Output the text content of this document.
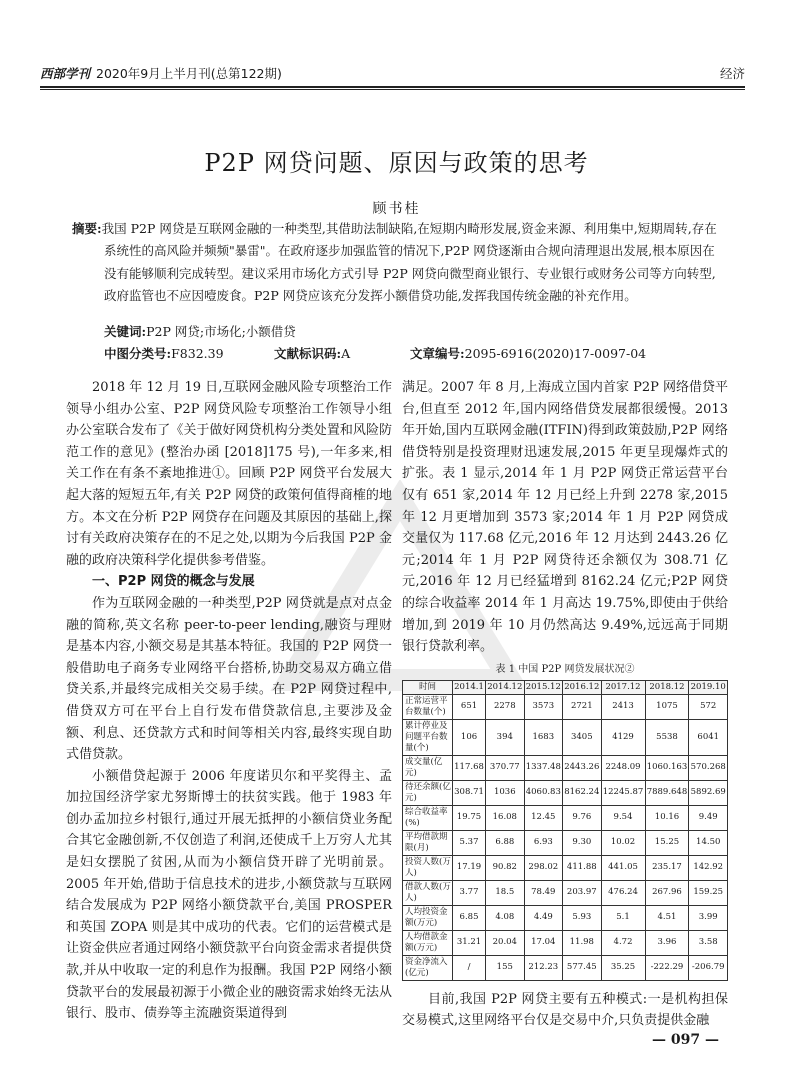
西部学刊 2020年9月上半月刊(总第122期)	经济
P2P 网贷问题、原因与政策的思考
顾书桂
摘要:我国 P2P 网贷是互联网金融的一种类型,其借助法制缺陷,在短期内畸形发展,资金来源、利用集中,短期周转,存在系统性的高风险并频频"暴雷"。在政府逐步加强监管的情况下,P2P 网贷逐渐由合规向清理退出发展,根本原因在没有能够顺利完成转型。建议采用市场化方式引导 P2P 网贷向微型商业银行、专业银行或财务公司等方向转型,政府监管也不应因噎废食。P2P 网贷应该充分发挥小额借贷功能,发挥我国传统金融的补充作用。
关键词:P2P 网贷;市场化;小额借贷
中图分类号:F832.39	文献标识码:A	文章编号:2095-6916(2020)17-0097-04

2018 年 12 月 19 日,互联网金融风险专项整治工作领导小组办公室、P2P 网贷风险专项整治工作领导小组办公室联合发布了《关于做好网贷机构分类处置和风险防范工作的意见》(整治办函 [2018]175 号),一年多来,相关工作在有条不紊地推进①。回顾 P2P 网贷平台发展大起大落的短短五年,有关 P2P 网贷的政策何值得商榷的地方。本文在分析 P2P 网贷存在问题及其原因的基础上,探讨有关政府决策存在的不足之处,以期为今后我国 P2P 金融的政府决策科学化提供参考借鉴。

一、P2P 网贷的概念与发展

作为互联网金融的一种类型,P2P 网贷就是点对点金融的简称,英文名称 peer-to-peer lending,融资与理财是基本内容,小额交易是其基本特征。我国的 P2P 网贷一般借助电子商务专业网络平台搭桥,协助交易双方确立借贷关系,并最终完成相关交易手续。在 P2P 网贷过程中,借贷双方可在平台上自行发布借贷款信息,主要涉及金额、利息、还贷款方式和时间等相关内容,最终实现自助式借贷款。

小额借贷起源于 2006 年度诺贝尔和平奖得主、孟加拉国经济学家尤努斯博士的扶贫实践。他于 1983 年创办孟加拉乡村银行,通过开展无抵押的小额信贷业务配合其它金融创新,不仅创造了利润,还使成千上万穷人尤其是妇女摆脱了贫困,从而为小额信贷开辟了光明前景。2005 年开始,借助于信息技术的进步,小额贷款与互联网结合发展成为 P2P 网络小额贷款平台,美国 PROSPER 和英国 ZOPA 则是其中成功的代表。它们的运营模式是让资金供应者通过网络小额贷款平台向资金需求者提供贷款,并从中收取一定的利息作为报酬。我国 P2P 网络小额贷款平台的发展最初源于小微企业的融资需求始终无法从银行、股市、债券等主流融资渠道得到

满足。2007 年 8 月,上海成立国内首家 P2P 网络借贷平台,但直至 2012 年,国内网络借贷发展都很缓慢。2013 年开始,国内互联网金融(ITFIN)得到政策鼓励,P2P 网络借贷特别是投资理财迅速发展,2015 年更呈现爆炸式的扩张。表 1 显示,2014 年 1 月 P2P 网贷正常运营平台仅有 651 家,2014 年 12 月已经上升到 2278 家,2015 年 12 月更增加到 3573 家;2014 年 1 月 P2P 网贷成交量仅为 117.68 亿元,2016 年 12 月达到 2443.26 亿元;2014 年 1 月 P2P 网贷待还余额仅为 308.71 亿元,2016 年 12 月已经猛增到 8162.24 亿元;P2P 网贷的综合收益率 2014 年 1 月高达 19.75%,即使由于供给增加,到 2019 年 10 月仍然高达 9.49%,远远高于同期银行贷款利率。

表 1 中国 P2P 网贷发展状况②
时间	2014.1	2014.12	2015.12	2016.12	2017.12	2018.12	2019.10
正常运营平台数量(个)	651	2278	3573	2721	2413	1075	572
累计停业及问题平台数量(个)	106	394	1683	3405	4129	5538	6041
成交量(亿元)	117.68	370.77	1337.48	2443.26	2248.09	1060.163	570.268
待还余额(亿元)	308.71	1036	4060.83	8162.24	12245.87	7889.648	5892.69
综合收益率(%)	19.75	16.08	12.45	9.76	9.54	10.16	9.49
平均借款期限(月)	5.37	6.88	6.93	9.30	10.02	15.25	14.50
投资人数(万人)	17.19	90.82	298.02	411.88	441.05	235.17	142.92
借款人数(万人)	3.77	18.5	78.49	203.97	476.24	267.96	159.25
人均投资金额(万元)	6.85	4.08	4.49	5.93	5.1	4.51	3.99
人均借款金额(万元)	31.21	20.04	17.04	11.98	4.72	3.96	3.58
资金净流入(亿元)	/	155	212.23	577.45	35.25	-222.29	-206.79

目前,我国 P2P 网贷主要有五种模式:一是机构担保交易模式,这里网络平台仅是交易中介,只负责提供金融

— 097 —
